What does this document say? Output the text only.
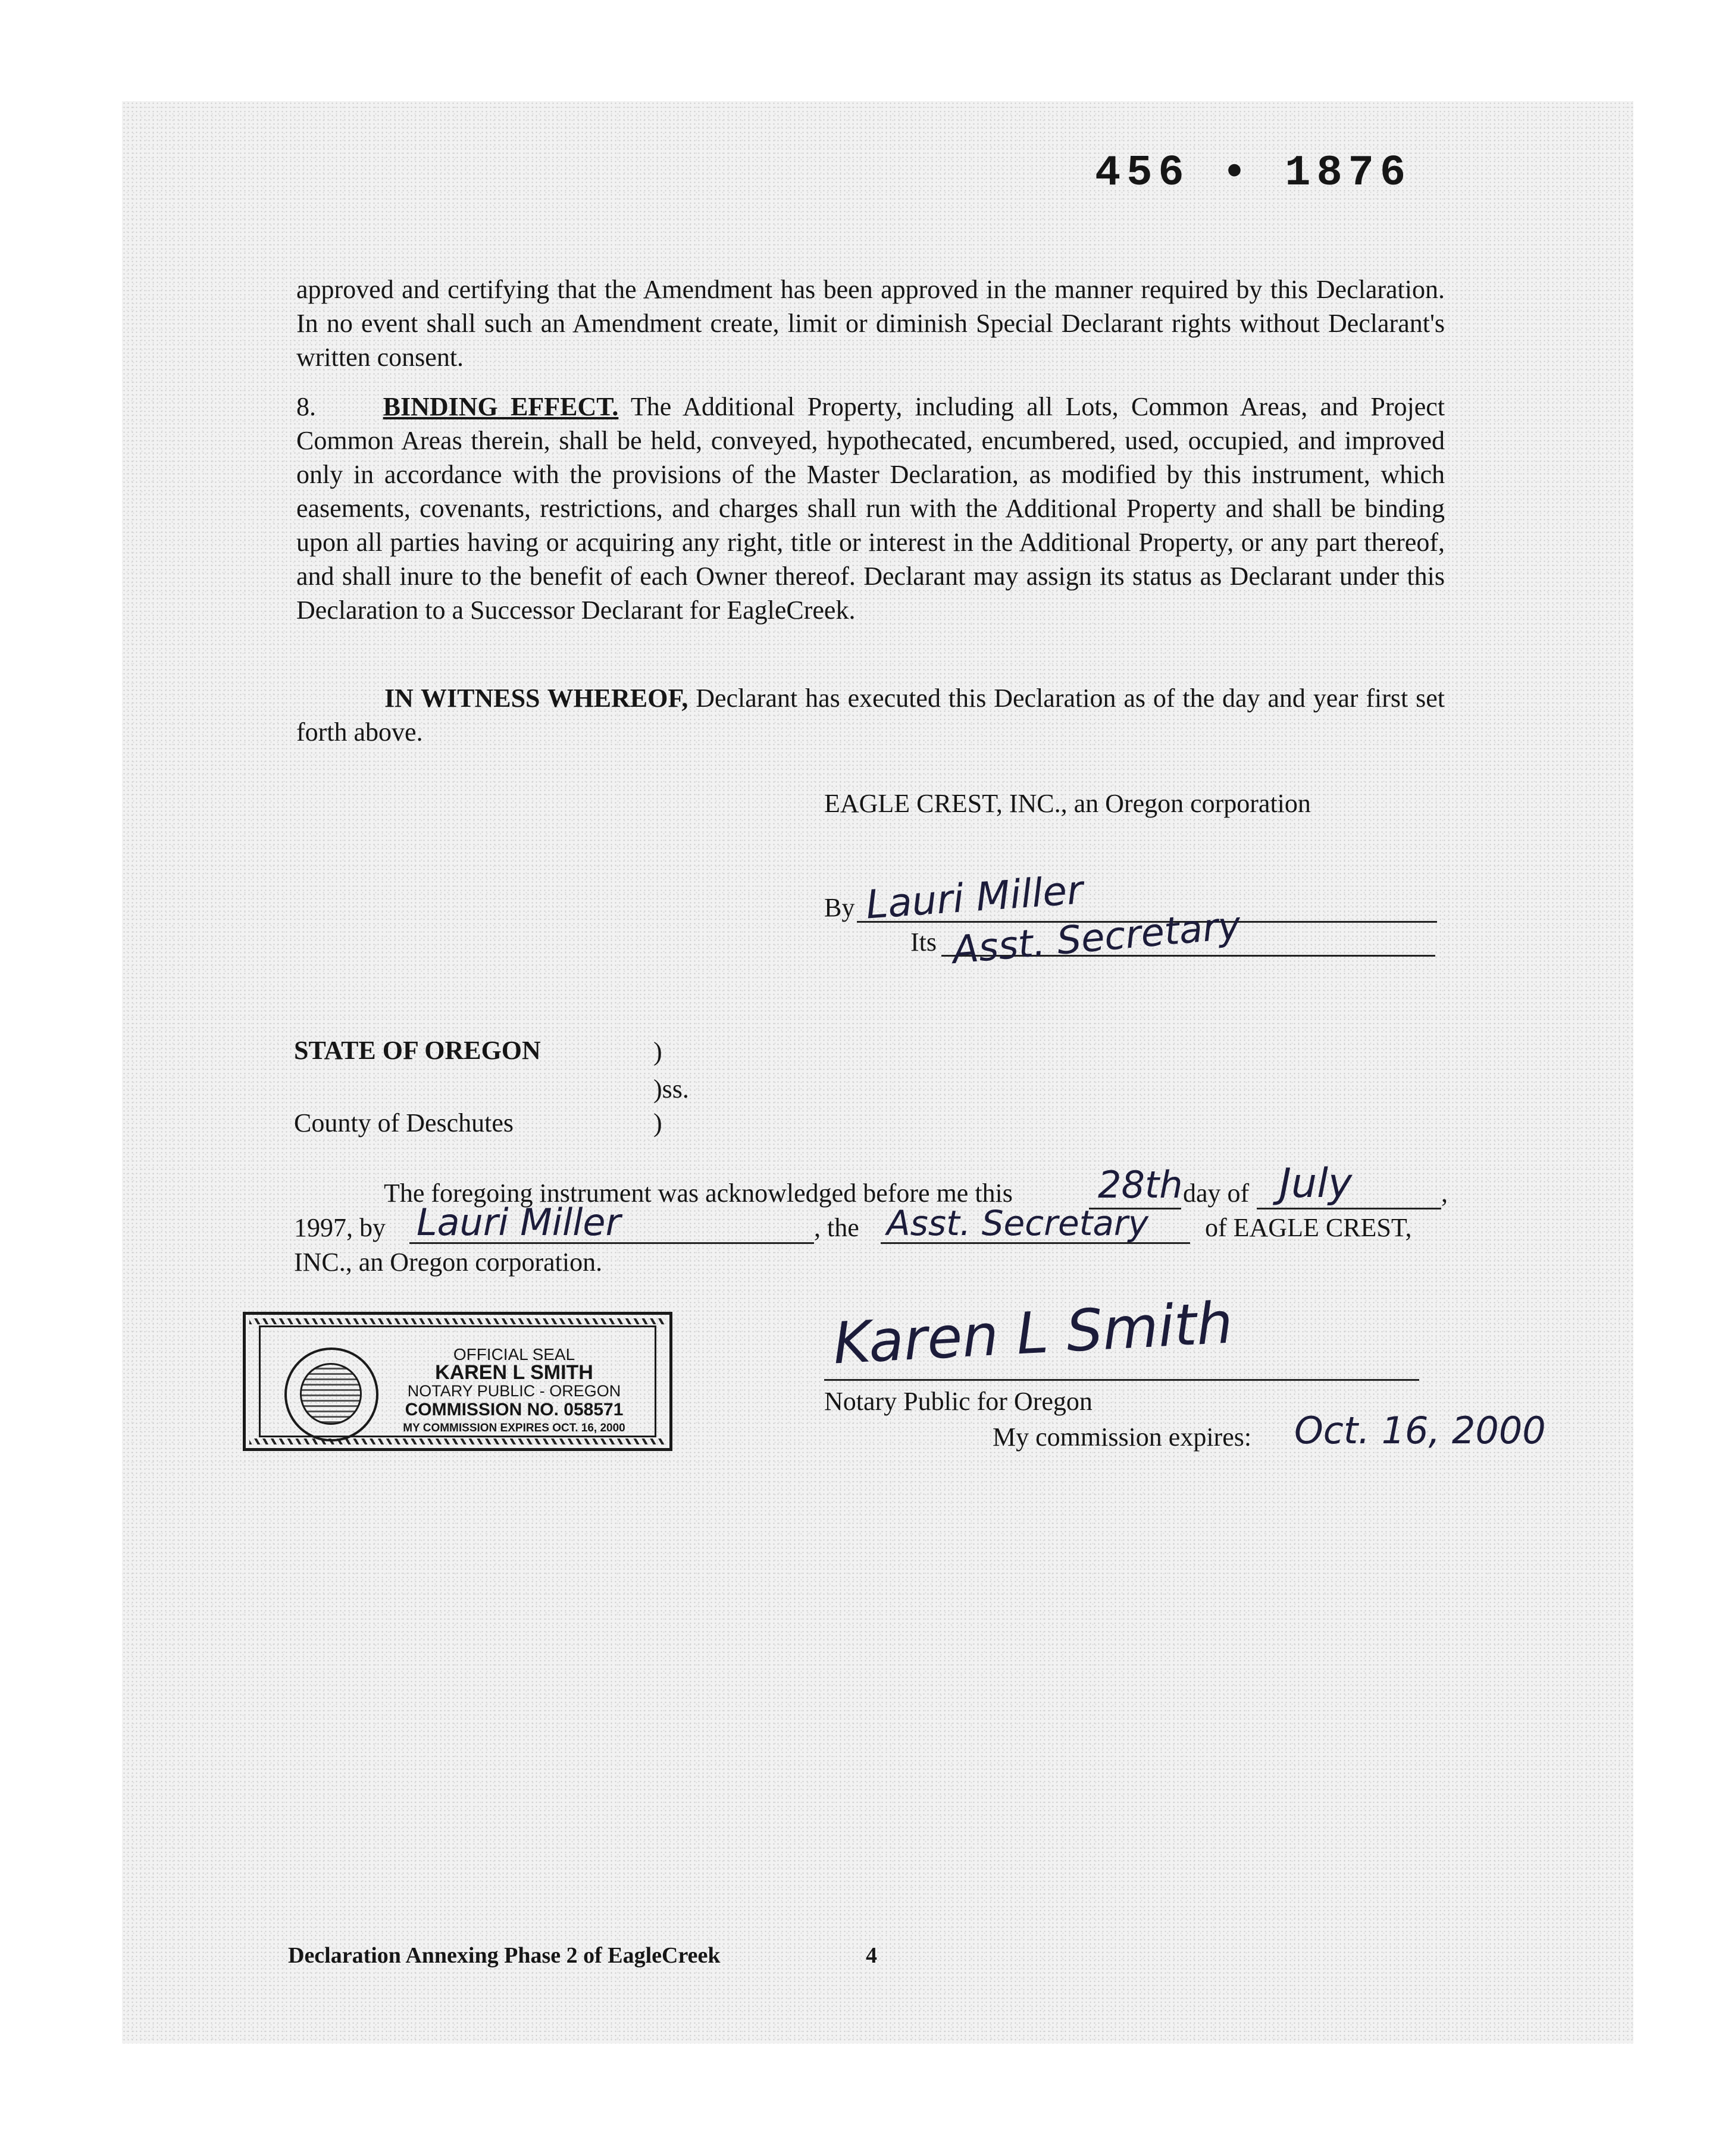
456 • 1876

approved and certifying that the Amendment has been approved in the manner required by this Declaration. In no event shall such an Amendment create, limit or diminish Special Declarant rights without Declarant's written consent.

8.	BINDING EFFECT. The Additional Property, including all Lots, Common Areas, and Project Common Areas therein, shall be held, conveyed, hypothecated, encumbered, used, occupied, and improved only in accordance with the provisions of the Master Declaration, as modified by this instrument, which easements, covenants, restrictions, and charges shall run with the Additional Property and shall be binding upon all parties having or acquiring any right, title or interest in the Additional Property, or any part thereof, and shall inure to the benefit of each Owner thereof. Declarant may assign its status as Declarant under this Declaration to a Successor Declarant for EagleCreek.

IN WITNESS WHEREOF, Declarant has executed this Declaration as of the day and year first set forth above.

EAGLE CREST, INC., an Oregon corporation
By Lauri Miller
Its Asst. Secretary
STATE OF OREGON	)
)ss.
County of Deschutes	)
The foregoing instrument was acknowledged before me this 28th day of July	,
1997, by Lauri Miller	, the Asst. Secretary of EAGLE CREST,
INC., an Oregon corporation.
OFFICIAL SEAL
KAREN L SMITH
NOTARY PUBLIC - OREGON
COMMISSION NO. 058571
MY COMMISSION EXPIRES OCT. 16, 2000
Karen L Smith
Notary Public for Oregon
My commission expires: Oct. 16, 2000
Declaration Annexing Phase 2 of EagleCreek	4
